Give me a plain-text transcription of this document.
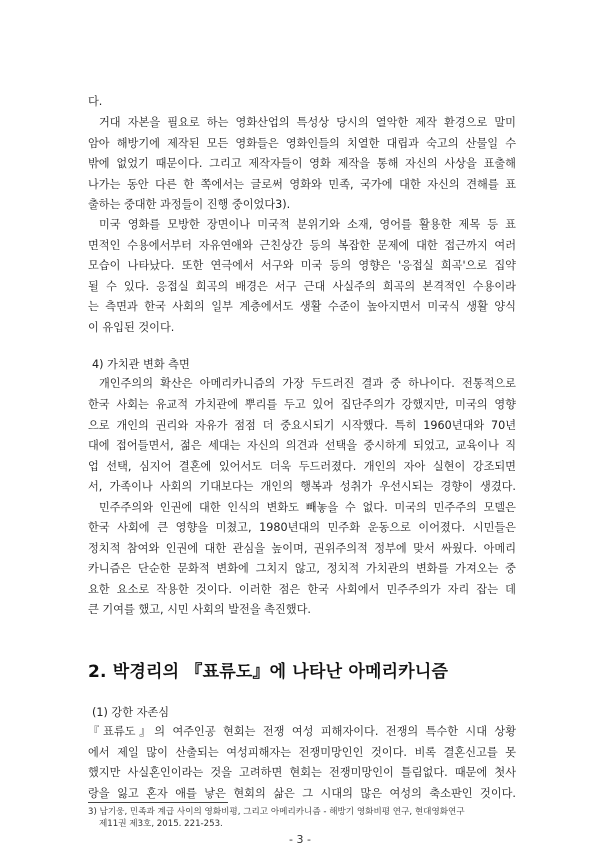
다.
거대 자본을 필요로 하는 영화산업의 특성상 당시의 열악한 제작 환경으로 말미
암아 해방기에 제작된 모든 영화들은 영화인들의 치열한 대립과 숙고의 산물일 수
밖에 없었기 때문이다. 그리고 제작자들이 영화 제작을 통해 자신의 사상을 표출해
나가는 동안 다른 한 쪽에서는 글로써 영화와 민족, 국가에 대한 자신의 견해를 표
출하는 중대한 과정들이 진행 중이었다3).
미국 영화를 모방한 장면이나 미국적 분위기와 소재, 영어를 활용한 제목 등 표
면적인 수용에서부터 자유연애와 근친상간 등의 복잡한 문제에 대한 접근까지 여러
모습이 나타났다. 또한 연극에서 서구와 미국 등의 영향은 '응접실 희곡'으로 집약
될 수 있다. 응접실 희곡의 배경은 서구 근대 사실주의 희곡의 본격적인 수용이라
는 측면과 한국 사회의 일부 계층에서도 생활 수준이 높아지면서 미국식 생활 양식
이 유입된 것이다.
4) 가치관 변화 측면
개인주의의 확산은 아메리카니즘의 가장 두드러진 결과 중 하나이다. 전통적으로
한국 사회는 유교적 가치관에 뿌리를 두고 있어 집단주의가 강했지만, 미국의 영향
으로 개인의 권리와 자유가 점점 더 중요시되기 시작했다. 특히 1960년대와 70년
대에 접어들면서, 젊은 세대는 자신의 의견과 선택을 중시하게 되었고, 교육이나 직
업 선택, 심지어 결혼에 있어서도 더욱 두드러졌다. 개인의 자아 실현이 강조되면
서, 가족이나 사회의 기대보다는 개인의 행복과 성취가 우선시되는 경향이 생겼다.
민주주의와 인권에 대한 인식의 변화도 빼놓을 수 없다. 미국의 민주주의 모델은
한국 사회에 큰 영향을 미쳤고, 1980년대의 민주화 운동으로 이어졌다. 시민들은
정치적 참여와 인권에 대한 관심을 높이며, 권위주의적 정부에 맞서 싸웠다. 아메리
카니즘은 단순한 문화적 변화에 그치지 않고, 정치적 가치관의 변화를 가져오는 중
요한 요소로 작용한 것이다. 이러한 점은 한국 사회에서 민주주의가 자리 잡는 데
큰 기여를 했고, 시민 사회의 발전을 촉진했다.
2. 박경리의 『표류도』에 나타난 아메리카니즘
(1) 강한 자존심
『표류도』의 여주인공 현회는 전쟁 여성 피해자이다. 전쟁의 특수한 시대 상황
에서 제일 많이 산출되는 여성피해자는 전쟁미망인인 것이다. 비록 결혼신고를 못
했지만 사실혼인이라는 것을 고려하면 현회는 전쟁미망인이 틀림없다. 때문에 첫사
랑을 잃고 혼자 애를 낳은 현회의 삶은 그 시대의 많은 여성의 축소판인 것이다.
3) 남기웅, 민족과 계급 사이의 영화비평, 그리고 아메리카니즘 - 해방기 영화비평 연구, 현대영화연구
제11권 제3호, 2015. 221-253.
- 3 -
